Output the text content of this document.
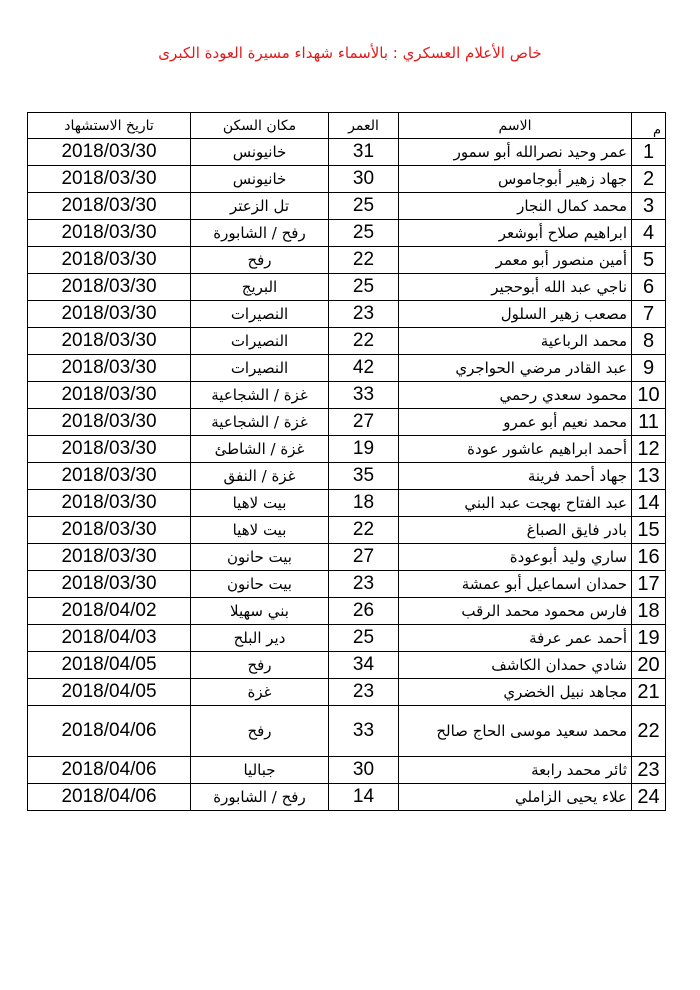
خاص الأعلام العسكري : بالأسماء شهداء مسيرة العودة الكبرى
م	الاسم	العمر	مكان السكن	تاريخ الاستشهاد
1	عمر وحيد نصرالله أبو سمور	31	خانيونس	2018/03/30
2	جهاد زهير أبوجاموس	30	خانيونس	2018/03/30
3	محمد كمال النجار	25	تل الزعتر	2018/03/30
4	ابراهيم صلاح أبوشعر	25	رفح / الشابورة	2018/03/30
5	أمين منصور أبو معمر	22	رفح	2018/03/30
6	ناجي عبد الله أبوحجير	25	البريج	2018/03/30
7	مصعب زهير السلول	23	النصيرات	2018/03/30
8	محمد الرباعية	22	النصيرات	2018/03/30
9	عبد القادر مرضي الحواجري	42	النصيرات	2018/03/30
10	محمود سعدي رحمي	33	غزة / الشجاعية	2018/03/30
11	محمد نعيم أبو عمرو	27	غزة / الشجاعية	2018/03/30
12	أحمد ابراهيم عاشور عودة	19	غزة / الشاطئ	2018/03/30
13	جهاد أحمد فرينة	35	غزة / النفق	2018/03/30
14	عبد الفتاح بهجت عبد البني	18	بيت لاهيا	2018/03/30
15	بادر فايق الصباغ	22	بيت لاهيا	2018/03/30
16	ساري وليد أبوعودة	27	بيت حانون	2018/03/30
17	حمدان اسماعيل أبو عمشة	23	بيت حانون	2018/03/30
18	فارس محمود محمد الرقب	26	بني سهيلا	2018/04/02
19	أحمد عمر عرفة	25	دير البلح	2018/04/03
20	شادي حمدان الكاشف	34	رفح	2018/04/05
21	مجاهد نبيل الخضري	23	غزة	2018/04/05
22	محمد سعيد موسى الحاج صالح	33	رفح	2018/04/06
23	ثائر محمد رابعة	30	جباليا	2018/04/06
24	علاء يحيى الزاملي	14	رفح / الشابورة	2018/04/06
